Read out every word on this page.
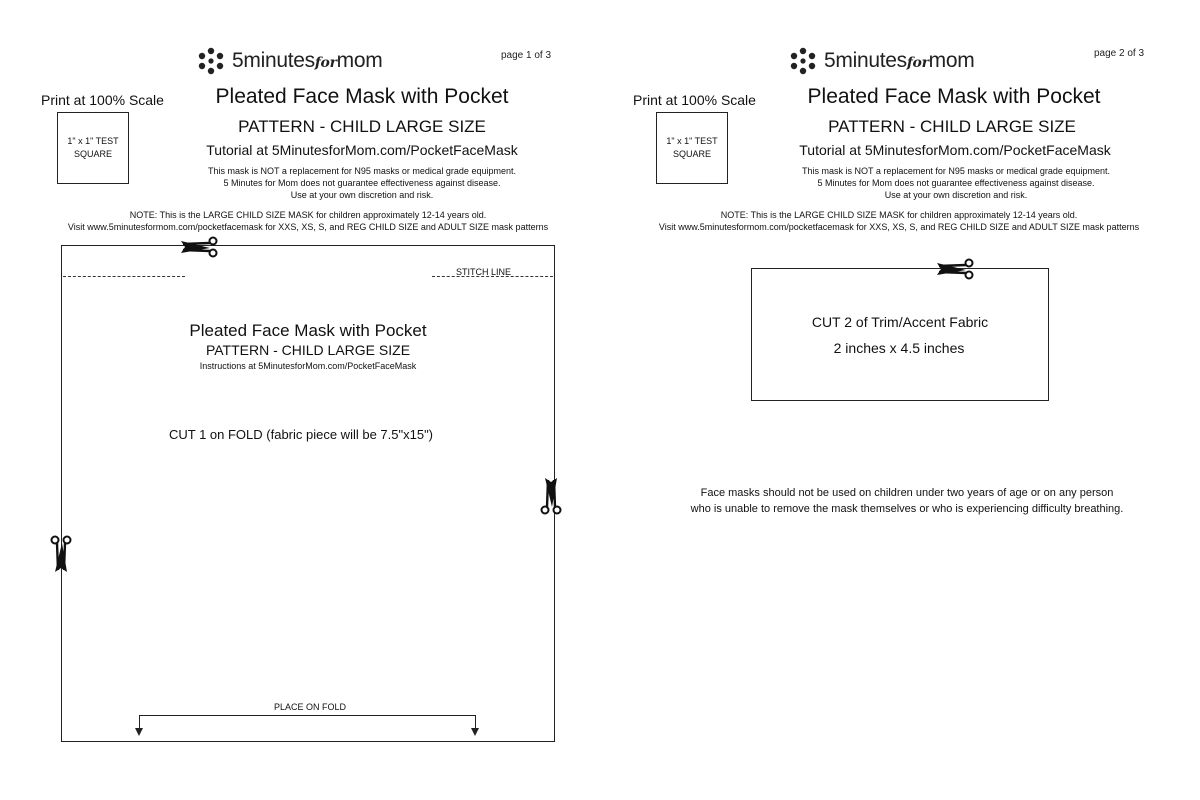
5minutesformom	page 1 of 3
Print at 100% Scale
1" x 1" TEST
SQUARE
Pleated Face Mask with Pocket
PATTERN - CHILD LARGE SIZE
Tutorial at 5MinutesforMom.com/PocketFaceMask
This mask is NOT a replacement for N95 masks or medical grade equipment.
5 Minutes for Mom does not guarantee effectiveness against disease.
Use at your own discretion and risk.
NOTE: This is the LARGE CHILD SIZE MASK for children approximately 12-14 years old.
Visit www.5minutesformom.com/pocketfacemask for XXS, XS, S, and REG CHILD SIZE and ADULT SIZE mask patterns
STITCH LINE
Pleated Face Mask with Pocket
PATTERN - CHILD LARGE SIZE
Instructions at 5MinutesforMom.com/PocketFaceMask
CUT 1 on FOLD (fabric piece will be 7.5"x15")
PLACE ON FOLD
5minutesformom	page 2 of 3
Print at 100% Scale
1" x 1" TEST
SQUARE
Pleated Face Mask with Pocket
PATTERN - CHILD LARGE SIZE
Tutorial at 5MinutesforMom.com/PocketFaceMask
This mask is NOT a replacement for N95 masks or medical grade equipment.
5 Minutes for Mom does not guarantee effectiveness against disease.
Use at your own discretion and risk.
NOTE: This is the LARGE CHILD SIZE MASK for children approximately 12-14 years old.
Visit www.5minutesformom.com/pocketfacemask for XXS, XS, S, and REG CHILD SIZE and ADULT SIZE mask patterns
CUT 2 of Trim/Accent Fabric
2 inches x 4.5 inches
Face masks should not be used on children under two years of age or on any person
who is unable to remove the mask themselves or who is experiencing difficulty breathing.
